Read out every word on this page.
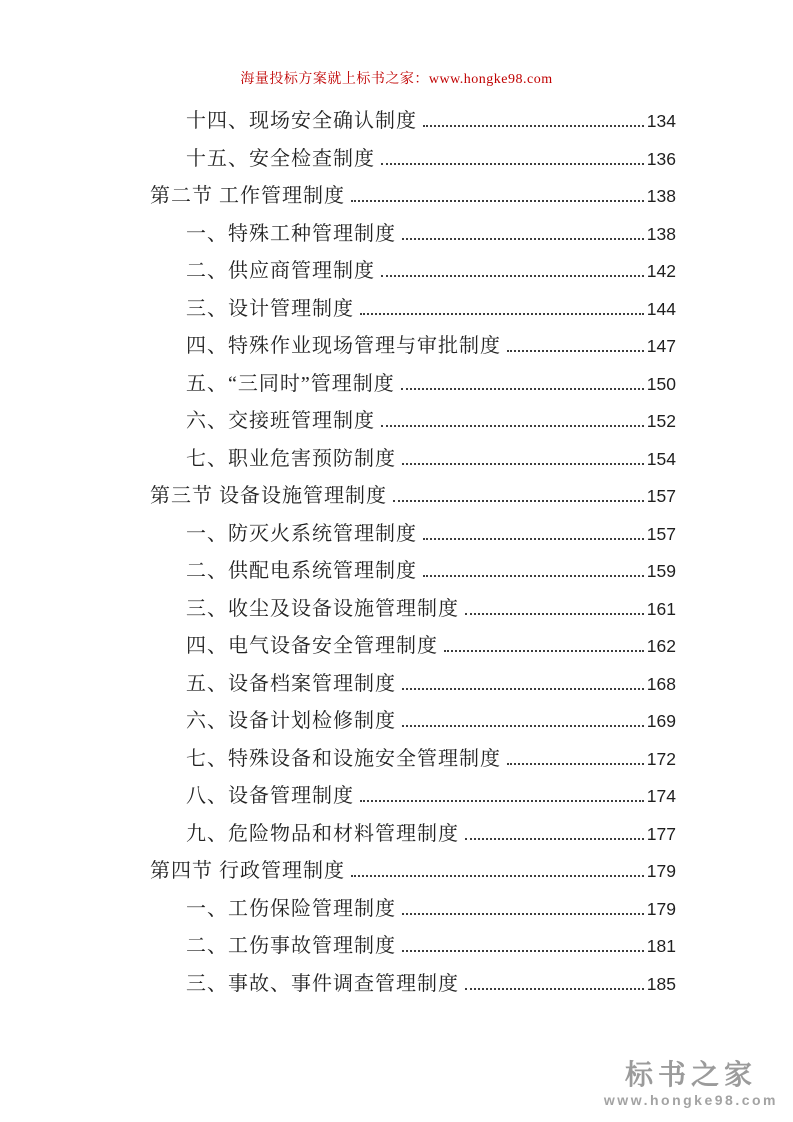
海量投标方案就上标书之家：www.hongke98.com
十四、现场安全确认制度	134
十五、安全检查制度	136
第二节 工作管理制度	138
一、特殊工种管理制度	138
二、供应商管理制度	142
三、设计管理制度	144
四、特殊作业现场管理与审批制度	147
五、“三同时”管理制度	150
六、交接班管理制度	152
七、职业危害预防制度	154
第三节 设备设施管理制度	157
一、防灭火系统管理制度	157
二、供配电系统管理制度	159
三、收尘及设备设施管理制度	161
四、电气设备安全管理制度	162
五、设备档案管理制度	168
六、设备计划检修制度	169
七、特殊设备和设施安全管理制度	172
八、设备管理制度	174
九、危险物品和材料管理制度	177
第四节 行政管理制度	179
一、工伤保险管理制度	179
二、工伤事故管理制度	181
三、事故、事件调查管理制度	185
标书之家
www.hongke98.com
